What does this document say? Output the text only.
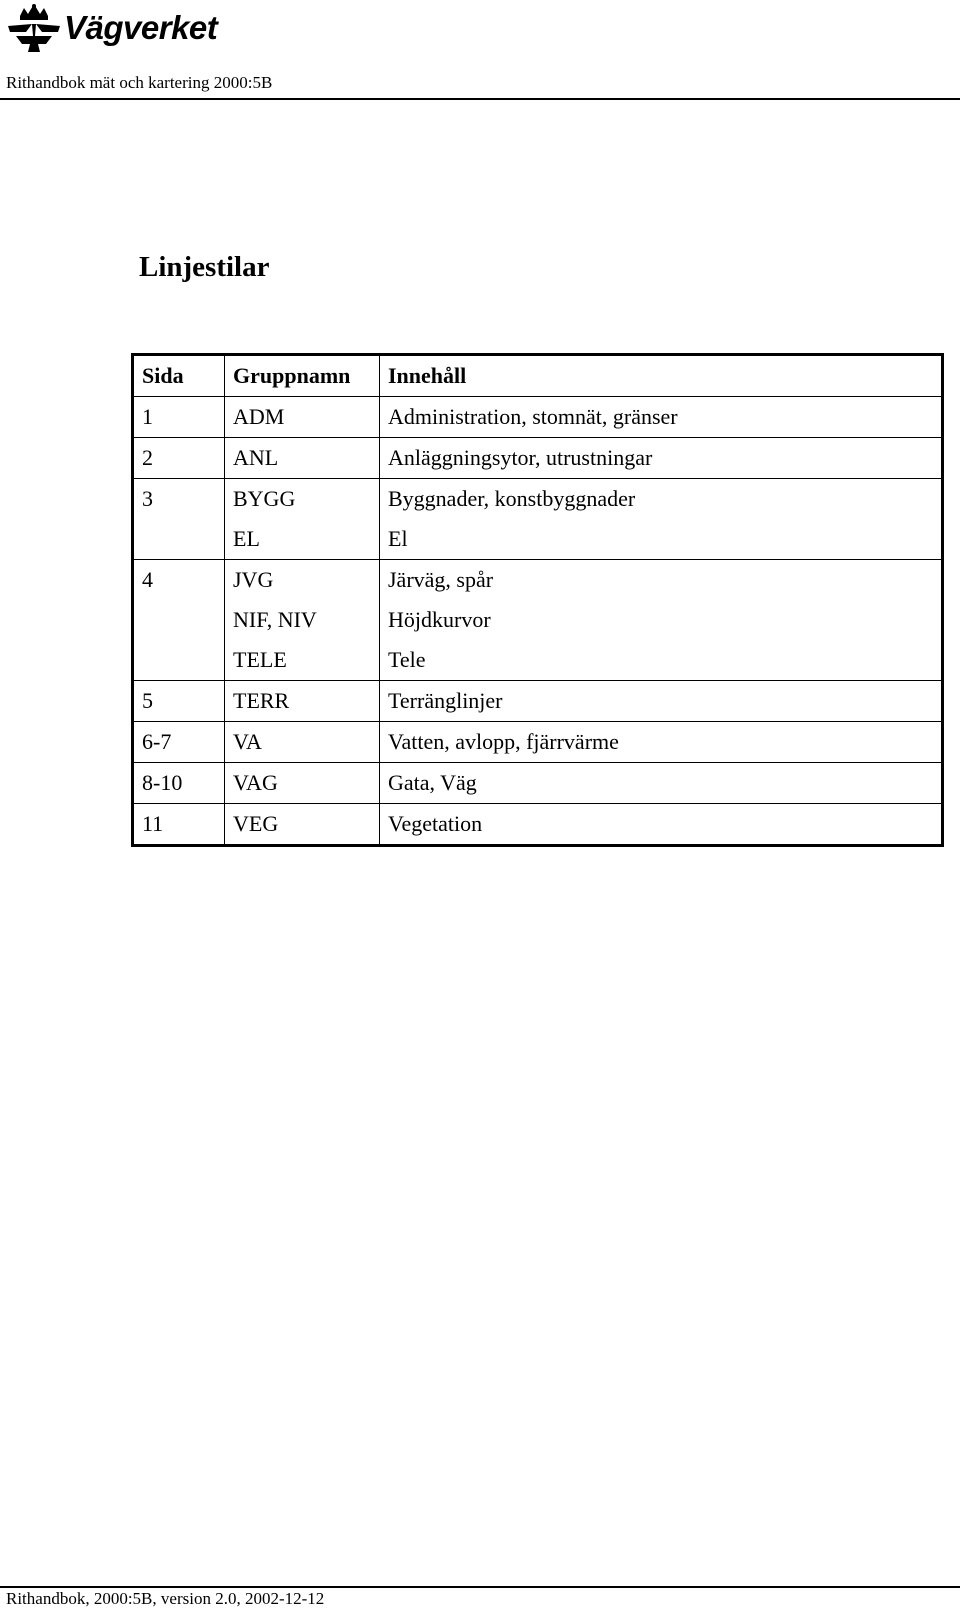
Vägverket
Rithandbok mät och kartering 2000:5B
Linjestilar
Sida	Gruppnamn	Innehåll
1	ADM	Administration, stomnät, gränser
2	ANL	Anläggningsytor, utrustningar
3	BYGG	Byggnader, konstbyggnader
	EL	El
4	JVG	Järväg, spår
	NIF, NIV	Höjdkurvor
	TELE	Tele
5	TERR	Terränglinjer
6-7	VA	Vatten, avlopp, fjärrvärme
8-10	VAG	Gata, Väg
11	VEG	Vegetation
Rithandbok, 2000:5B, version 2.0, 2002-12-12
